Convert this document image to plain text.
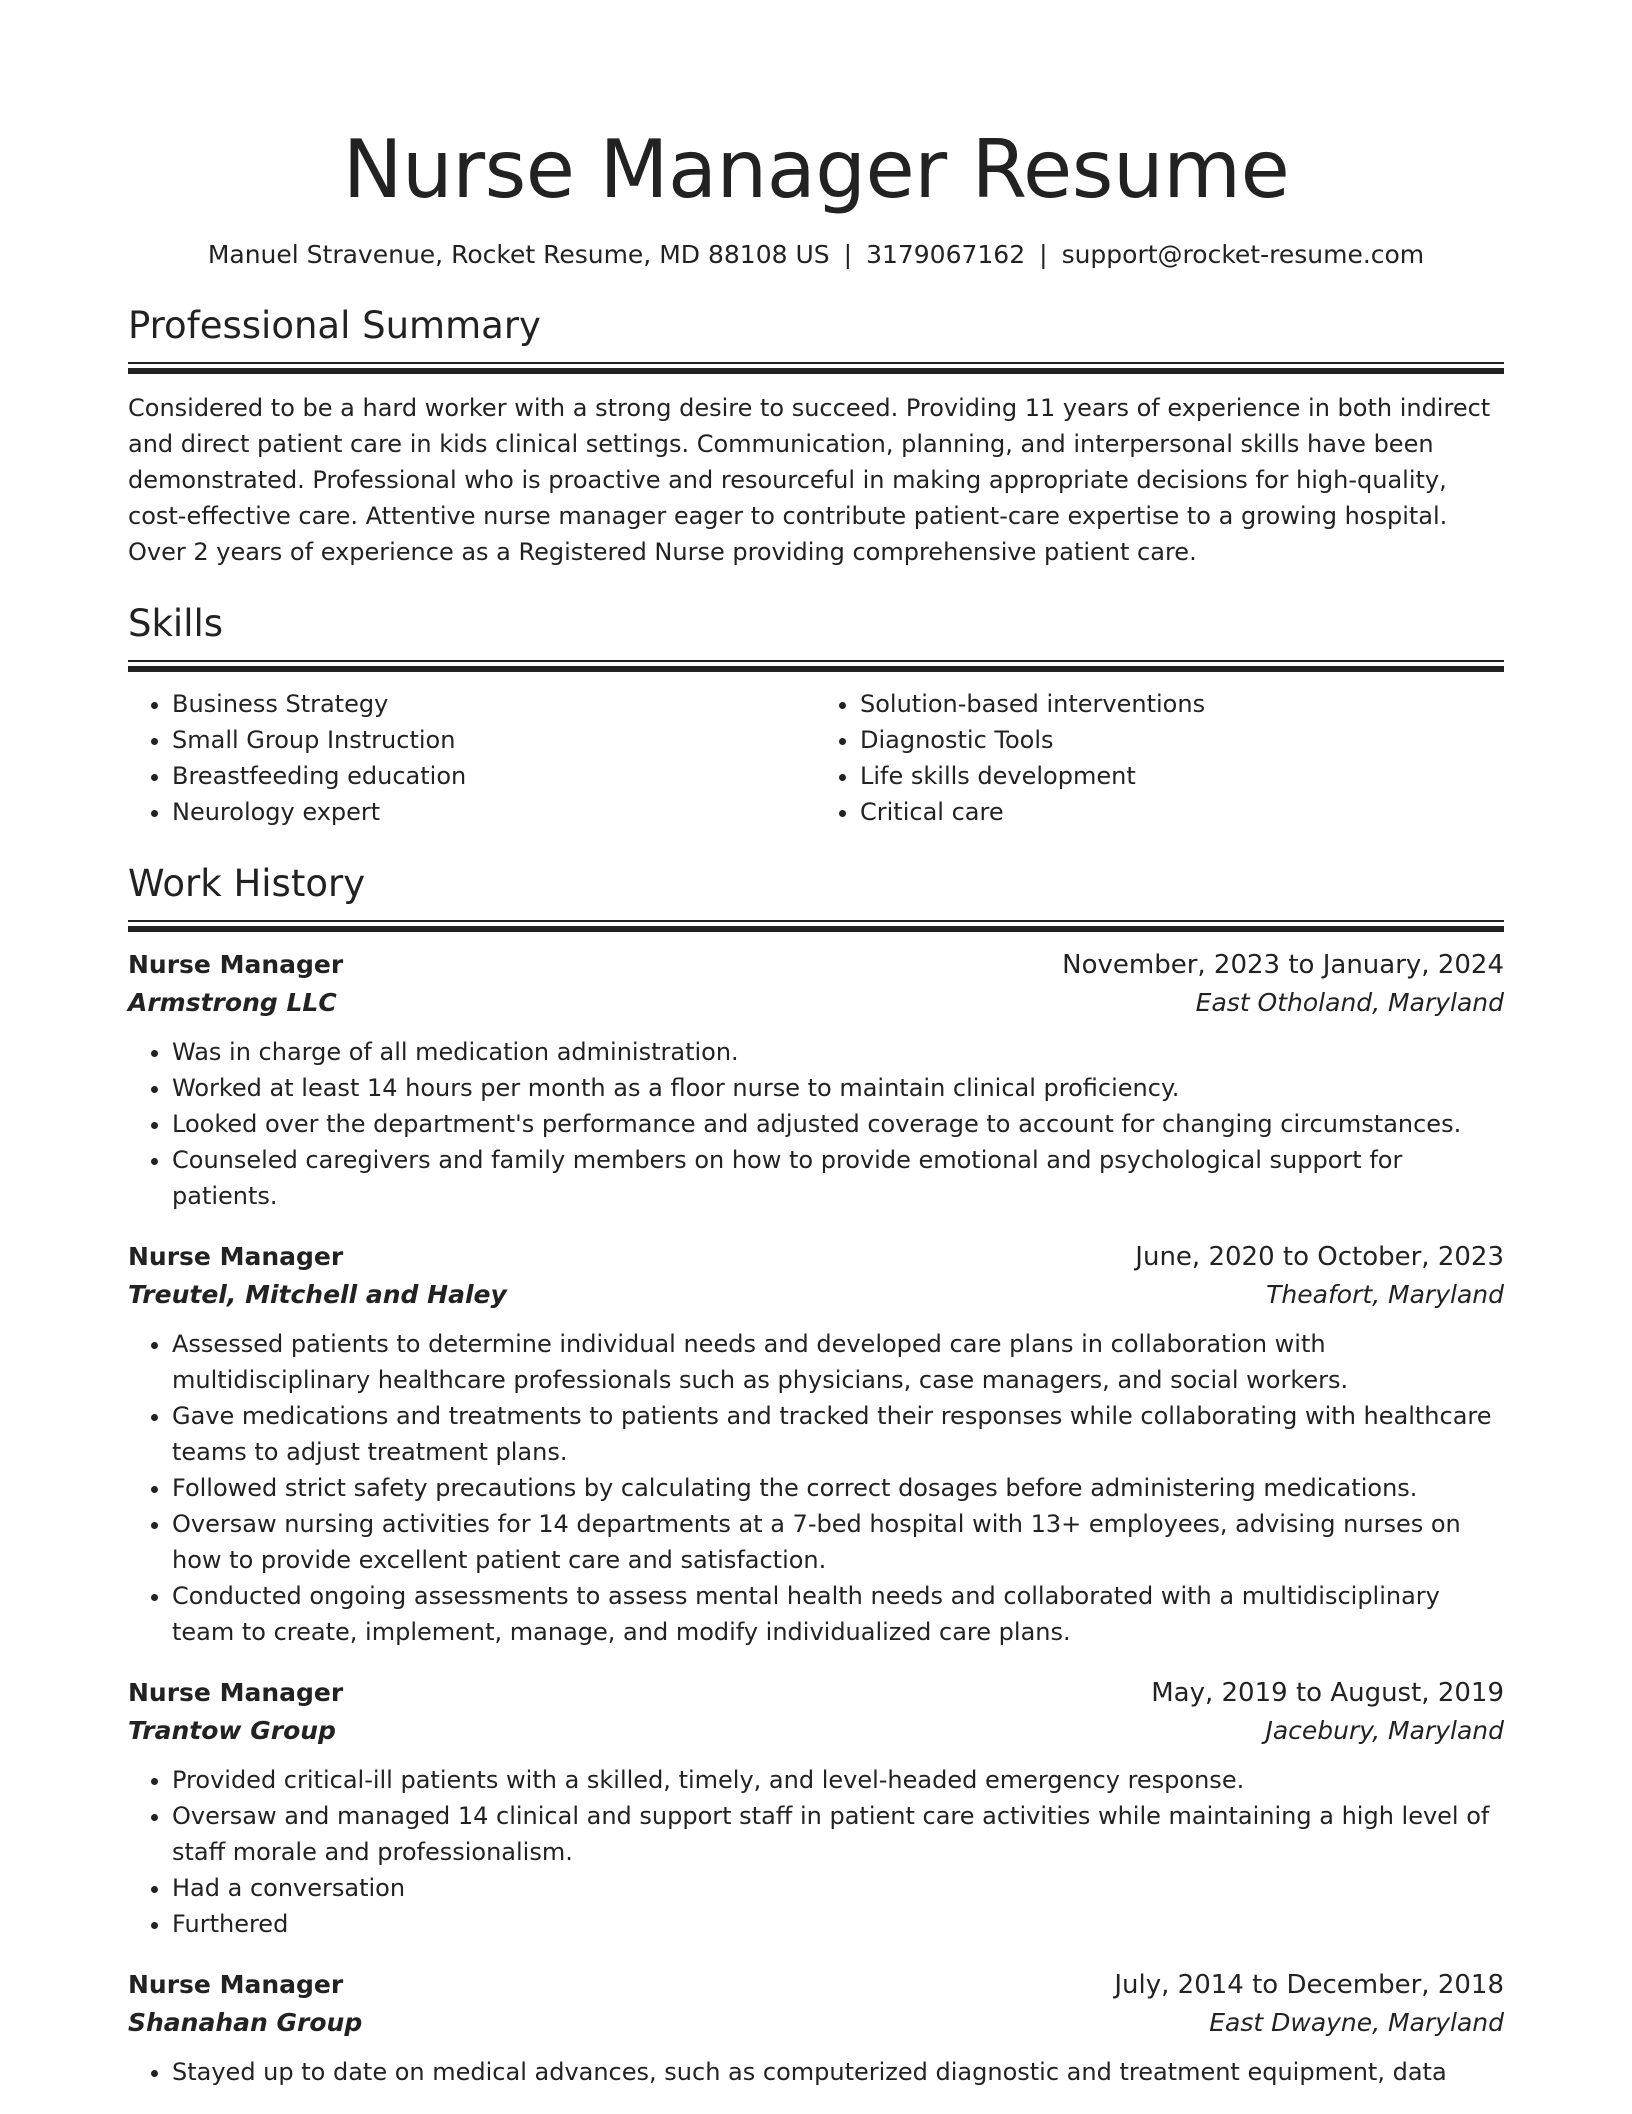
Nurse Manager Resume
Manuel Stravenue, Rocket Resume, MD 88108 US | 3179067162 | support@rocket-resume.com
Professional Summary
Considered to be a hard worker with a strong desire to succeed. Providing 11 years of experience in both indirect and direct patient care in kids clinical settings. Communication, planning, and interpersonal skills have been demonstrated. Professional who is proactive and resourceful in making appropriate decisions for high-quality, cost-effective care. Attentive nurse manager eager to contribute patient-care expertise to a growing hospital. Over 2 years of experience as a Registered Nurse providing comprehensive patient care.
Skills
• Business Strategy
• Small Group Instruction
• Breastfeeding education
• Neurology expert
• Solution-based interventions
• Diagnostic Tools
• Life skills development
• Critical care
Work History
Nurse Manager	November, 2023 to January, 2024
Armstrong LLC	East Otholand, Maryland
• Was in charge of all medication administration.
• Worked at least 14 hours per month as a floor nurse to maintain clinical proficiency.
• Looked over the department's performance and adjusted coverage to account for changing circumstances.
• Counseled caregivers and family members on how to provide emotional and psychological support for patients.
Nurse Manager	June, 2020 to October, 2023
Treutel, Mitchell and Haley	Theafort, Maryland
• Assessed patients to determine individual needs and developed care plans in collaboration with multidisciplinary healthcare professionals such as physicians, case managers, and social workers.
• Gave medications and treatments to patients and tracked their responses while collaborating with healthcare teams to adjust treatment plans.
• Followed strict safety precautions by calculating the correct dosages before administering medications.
• Oversaw nursing activities for 14 departments at a 7-bed hospital with 13+ employees, advising nurses on how to provide excellent patient care and satisfaction.
• Conducted ongoing assessments to assess mental health needs and collaborated with a multidisciplinary team to create, implement, manage, and modify individualized care plans.
Nurse Manager	May, 2019 to August, 2019
Trantow Group	Jacebury, Maryland
• Provided critical-ill patients with a skilled, timely, and level-headed emergency response.
• Oversaw and managed 14 clinical and support staff in patient care activities while maintaining a high level of staff morale and professionalism.
• Had a conversation
• Furthered
Nurse Manager	July, 2014 to December, 2018
Shanahan Group	East Dwayne, Maryland
• Stayed up to date on medical advances, such as computerized diagnostic and treatment equipment, data
